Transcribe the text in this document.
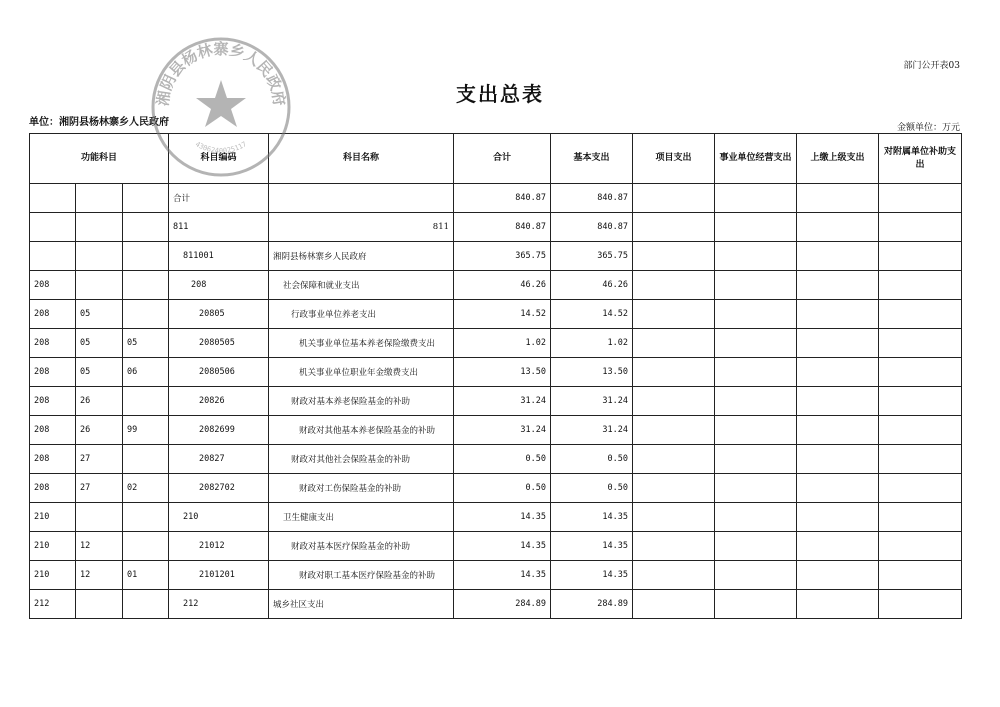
部门公开表03
支出总表
单位：湘阴县杨林寨乡人民政府	金额单位：万元
功能科目			科目编码	科目名称	合计	基本支出	项目支出	事业单位经营支出	上缴上级支出	对附属单位补助支出
			合计		840.87	840.87				
			811	811	840.87	840.87				
			811001	湘阴县杨林寨乡人民政府	365.75	365.75				
208			208	社会保障和就业支出	46.26	46.26				
208	05		20805	行政事业单位养老支出	14.52	14.52				
208	05	05	2080505	机关事业单位基本养老保险缴费支出	1.02	1.02				
208	05	06	2080506	机关事业单位职业年金缴费支出	13.50	13.50				
208	26		20826	财政对基本养老保险基金的补助	31.24	31.24				
208	26	99	2082699	财政对其他基本养老保险基金的补助	31.24	31.24				
208	27		20827	财政对其他社会保险基金的补助	0.50	0.50				
208	27	02	2082702	财政对工伤保险基金的补助	0.50	0.50				
210			210	卫生健康支出	14.35	14.35				
210	12		21012	财政对基本医疗保险基金的补助	14.35	14.35				
210	12	01	2101201	财政对职工基本医疗保险基金的补助	14.35	14.35				
212			212	城乡社区支出	284.89	284.89				
湘阴县杨林寨乡人民政府
4306240025117
